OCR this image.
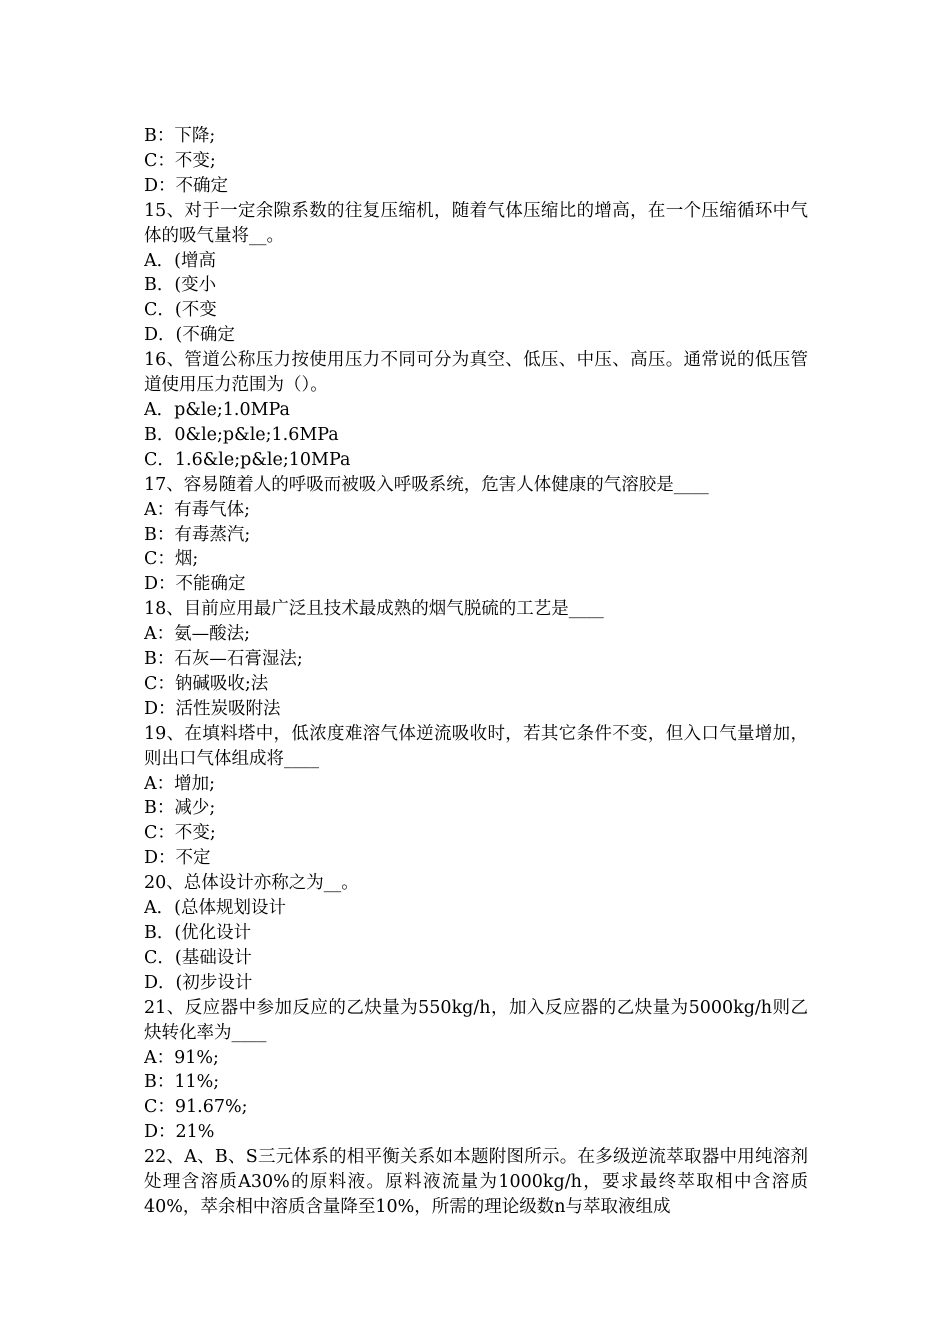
B：下降;

C：不变;

D：不确定

15、对于一定余隙系数的往复压缩机，随着气体压缩比的增高，在一个压缩循环中气体的吸气量将__。

A．(增高

B．(变小

C．(不变

D．(不确定

16、管道公称压力按使用压力不同可分为真空、低压、中压、高压。通常说的低压管道使用压力范围为（）。

A．p&le;1.0MPa

B．0&le;p&le;1.6MPa

C．1.6&le;p&le;10MPa

17、容易随着人的呼吸而被吸入呼吸系统，危害人体健康的气溶胶是____

A：有毒气体;

B：有毒蒸汽;

C：烟;

D：不能确定

18、目前应用最广泛且技术最成熟的烟气脱硫的工艺是____

A：氨—酸法;

B：石灰—石膏湿法;

C：钠碱吸收;法

D：活性炭吸附法

19、在填料塔中，低浓度难溶气体逆流吸收时，若其它条件不变，但入口气量增加，则出口气体组成将____

A：增加;

B：减少;

C：不变;

D：不定

20、总体设计亦称之为__。

A．(总体规划设计

B．(优化设计

C．(基础设计

D．(初步设计

21、反应器中参加反应的乙炔量为550kg/h，加入反应器的乙炔量为5000kg/h则乙炔转化率为____

A：91%;

B：11%;

C：91.67%;

D：21%

22、A、B、S三元体系的相平衡关系如本题附图所示。在多级逆流萃取器中用纯溶剂处理含溶质A30%的原料液。原料液流量为1000kg/h，要求最终萃取相中含溶质40%，萃余相中溶质含量降至10%，所需的理论级数n与萃取液组成
